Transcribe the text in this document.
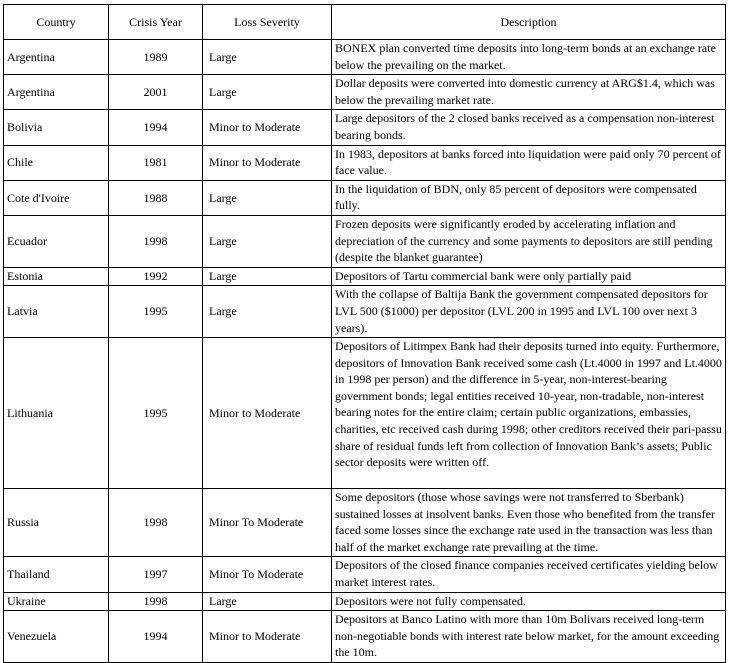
Country	Crisis Year	Loss Severity	Description
Argentina	1989	Large	BONEX plan converted time deposits into long-term bonds at an exchange rate below the prevailing on the market.
Argentina	2001	Large	Dollar deposits were converted into domestic currency at ARG$1.4, which was below the prevailing market rate.
Bolivia	1994	Minor to Moderate	Large depositors of the 2 closed banks received as a compensation non-interest bearing bonds.
Chile	1981	Minor to Moderate	In 1983, depositors at banks forced into liquidation were paid only 70 percent of face value.
Cote d'Ivoire	1988	Large	In the liquidation of BDN, only 85 percent of depositors were compensated fully.
Ecuador	1998	Large	Frozen deposits were significantly eroded by accelerating inflation and depreciation of the currency and some payments to depositors are still pending (despite the blanket guarantee)
Estonia	1992	Large	Depositors of Tartu commercial bank were only partially paid
Latvia	1995	Large	With the collapse of Baltija Bank the government compensated depositors for LVL 500 ($1000) per depositor (LVL 200 in 1995 and LVL 100 over next 3 years).
Lithuania	1995	Minor to Moderate	Depositors of Litimpex Bank had their deposits turned into equity. Furthermore, depositors of Innovation Bank received some cash (Lt.4000 in 1997 and Lt.4000 in 1998 per person) and the difference in 5-year, non-interest-bearing government bonds; legal entities received 10-year, non-tradable, non-interest bearing notes for the entire claim; certain public organizations, embassies, charities, etc received cash during 1998; other creditors received their pari-passu share of residual funds left from collection of Innovation Bank’s assets; Public sector deposits were written off.
Russia	1998	Minor To Moderate	Some depositors (those whose savings were not transferred to Sberbank) sustained losses at insolvent banks. Even those who benefited from the transfer faced some losses since the exchange rate used in the transaction was less than half of the market exchange rate prevailing at the time.
Thailand	1997	Minor To Moderate	Depositors of the closed finance companies received certificates yielding below market interest rates.
Ukraine	1998	Large	Depositors were not fully compensated.
Venezuela	1994	Minor to Moderate	Depositors at Banco Latino with more than 10m Bolivars received long-term non-negotiable bonds with interest rate below market, for the amount exceeding the 10m.
